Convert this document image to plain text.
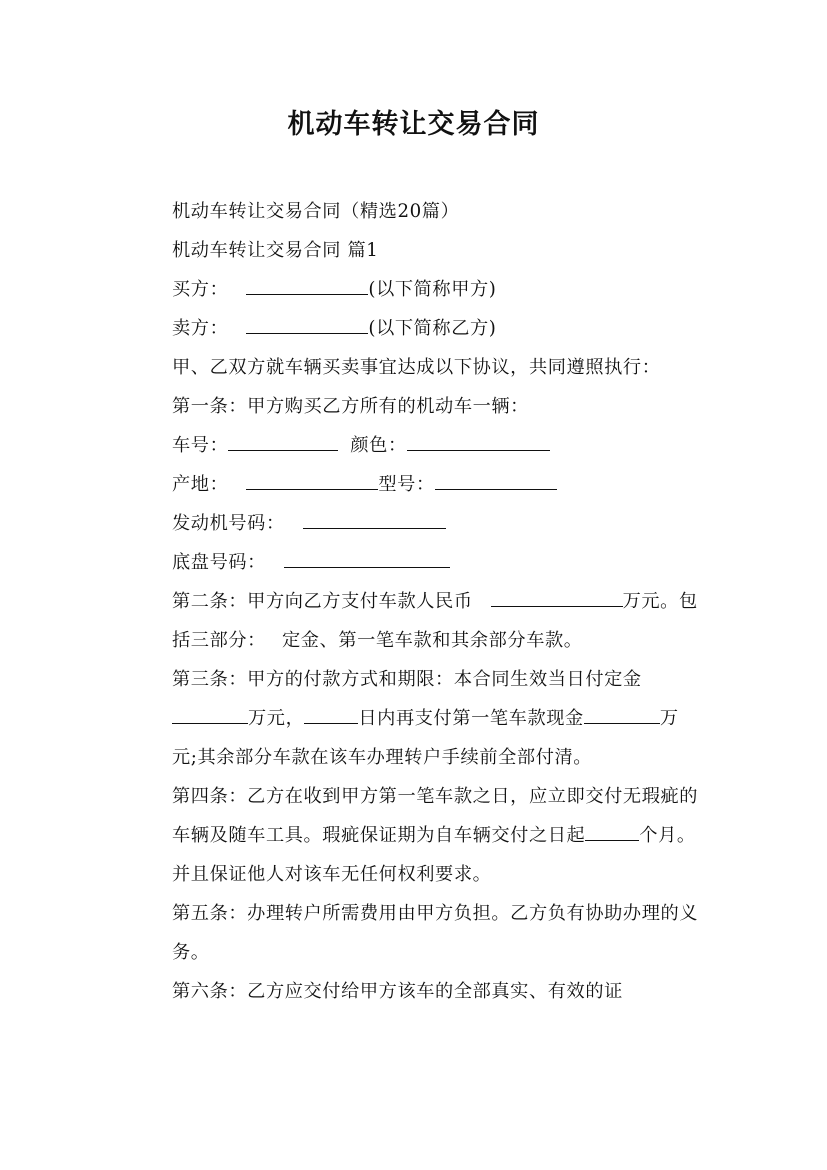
机动车转让交易合同

机动车转让交易合同（精选20篇）

机动车转让交易合同 篇1

买方：	(以下简称甲方)

卖方：	(以下简称乙方)

甲、乙双方就车辆买卖事宜达成以下协议，共同遵照执行：

第一条：甲方购买乙方所有的机动车一辆：

车号：	颜色：

产地：	型号：

发动机号码：

底盘号码：

第二条：甲方向乙方支付车款人民币	万元。包括三部分： 定金、第一笔车款和其余部分车款。

第三条：甲方的付款方式和期限：本合同生效当日付定金万元，	日内再支付第一笔车款现金	万元;其余部分车款在该车办理转户手续前全部付清。

第四条：乙方在收到甲方第一笔车款之日，应立即交付无瑕疵的车辆及随车工具。瑕疵保证期为自车辆交付之日起	个月。并且保证他人对该车无任何权利要求。

第五条：办理转户所需费用由甲方负担。乙方负有协助办理的义务。

第六条：乙方应交付给甲方该车的全部真实、有效的证
